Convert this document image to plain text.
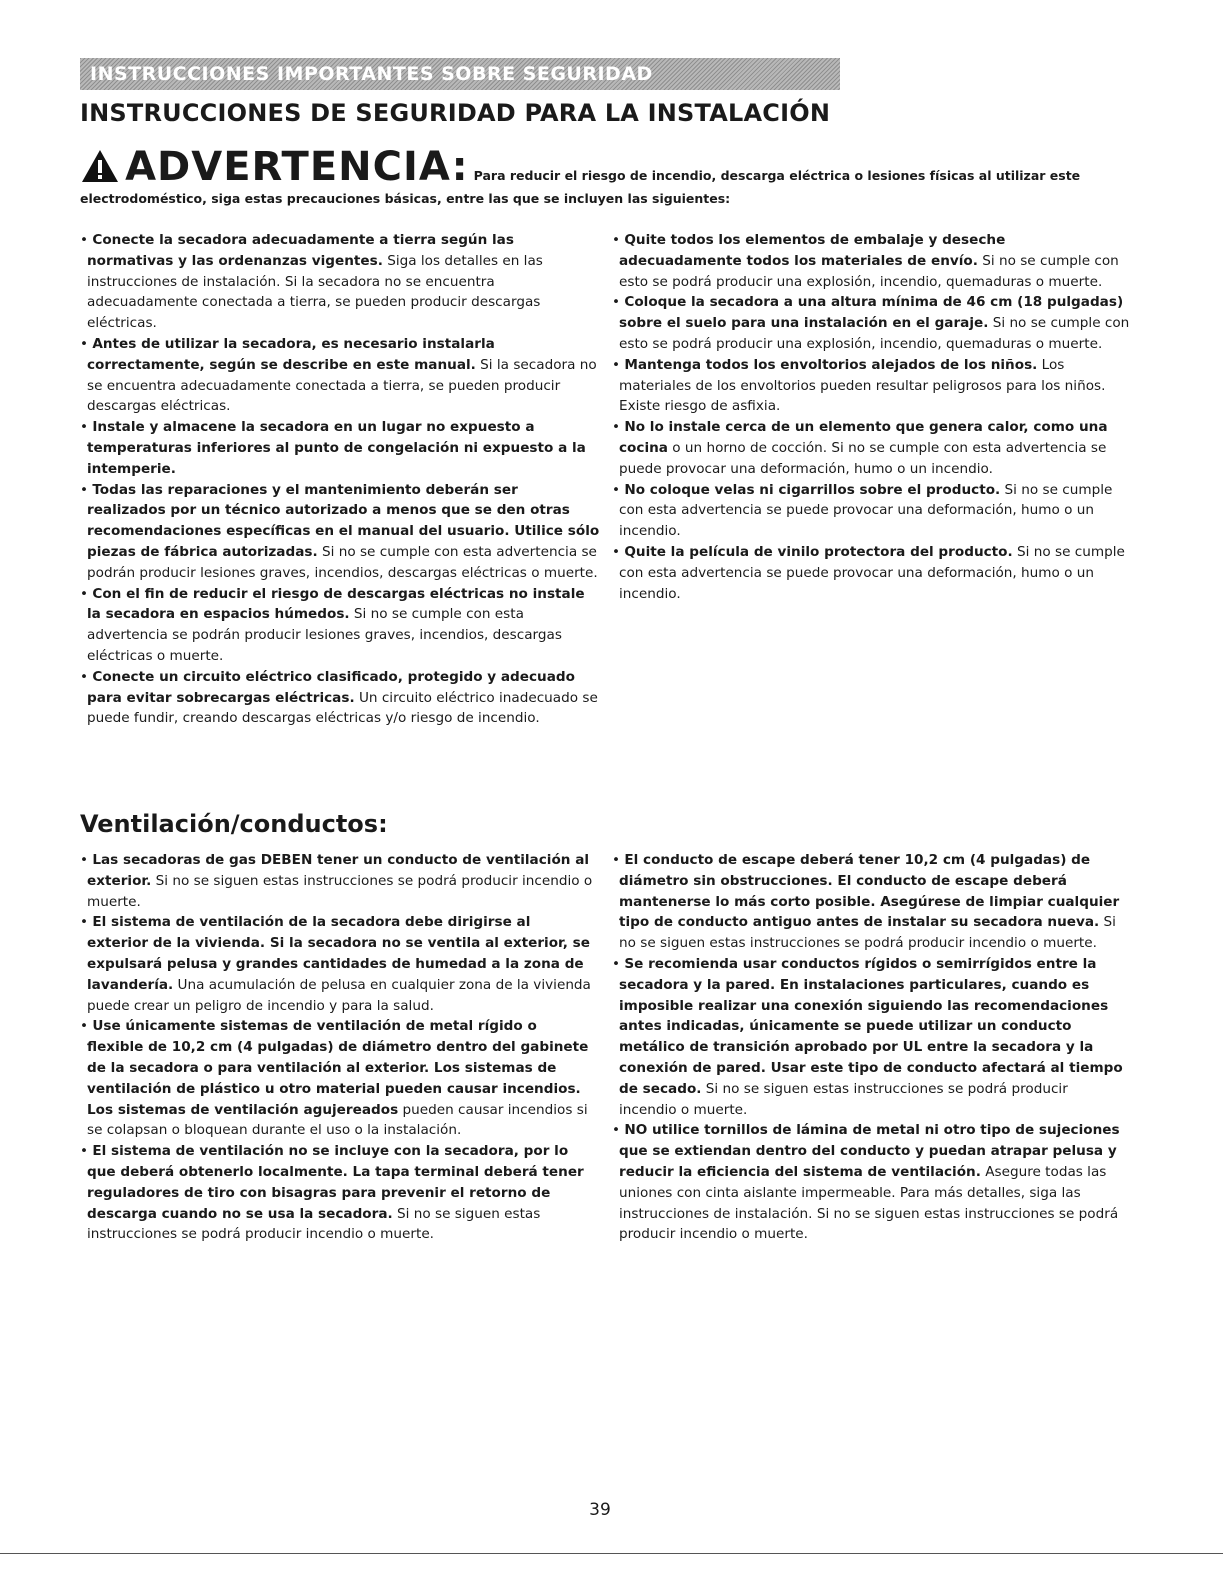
INSTRUCCIONES IMPORTANTES SOBRE SEGURIDAD
INSTRUCCIONES DE SEGURIDAD PARA LA INSTALACIÓN
ADVERTENCIA: Para reducir el riesgo de incendio, descarga eléctrica o lesiones físicas al utilizar este
electrodoméstico, siga estas precauciones básicas, entre las que se incluyen las siguientes:

• Conecte la secadora adecuadamente a tierra según las normativas y las ordenanzas vigentes. Siga los detalles en las instrucciones de instalación. Si la secadora no se encuentra adecuadamente conectada a tierra, se pueden producir descargas eléctricas.

• Antes de utilizar la secadora, es necesario instalarla correctamente, según se describe en este manual. Si la secadora no se encuentra adecuadamente conectada a tierra, se pueden producir descargas eléctricas.

• Instale y almacene la secadora en un lugar no expuesto a temperaturas inferiores al punto de congelación ni expuesto a la intemperie.

• Todas las reparaciones y el mantenimiento deberán ser realizados por un técnico autorizado a menos que se den otras recomendaciones específicas en el manual del usuario. Utilice sólo piezas de fábrica autorizadas. Si no se cumple con esta advertencia se podrán producir lesiones graves, incendios, descargas eléctricas o muerte.

• Con el fin de reducir el riesgo de descargas eléctricas no instale la secadora en espacios húmedos. Si no se cumple con esta advertencia se podrán producir lesiones graves, incendios, descargas eléctricas o muerte.

• Conecte un circuito eléctrico clasificado, protegido y adecuado para evitar sobrecargas eléctricas. Un circuito eléctrico inadecuado se puede fundir, creando descargas eléctricas y/o riesgo de incendio.

• Quite todos los elementos de embalaje y deseche adecuadamente todos los materiales de envío. Si no se cumple con esto se podrá producir una explosión, incendio, quemaduras o muerte.

• Coloque la secadora a una altura mínima de 46 cm (18 pulgadas) sobre el suelo para una instalación en el garaje. Si no se cumple con esto se podrá producir una explosión, incendio, quemaduras o muerte.

• Mantenga todos los envoltorios alejados de los niños. Los materiales de los envoltorios pueden resultar peligrosos para los niños. Existe riesgo de asfixia.

• No lo instale cerca de un elemento que genera calor, como una cocina o un horno de cocción. Si no se cumple con esta advertencia se puede provocar una deformación, humo o un incendio.

• No coloque velas ni cigarrillos sobre el producto. Si no se cumple con esta advertencia se puede provocar una deformación, humo o un incendio.

• Quite la película de vinilo protectora del producto. Si no se cumple con esta advertencia se puede provocar una deformación, humo o un incendio.

Ventilación/conductos:

• Las secadoras de gas DEBEN tener un conducto de ventilación al exterior. Si no se siguen estas instrucciones se podrá producir incendio o muerte.

• El sistema de ventilación de la secadora debe dirigirse al exterior de la vivienda. Si la secadora no se ventila al exterior, se expulsará pelusa y grandes cantidades de humedad a la zona de lavandería. Una acumulación de pelusa en cualquier zona de la vivienda puede crear un peligro de incendio y para la salud.

• Use únicamente sistemas de ventilación de metal rígido o flexible de 10,2 cm (4 pulgadas) de diámetro dentro del gabinete de la secadora o para ventilación al exterior. Los sistemas de ventilación de plástico u otro material pueden causar incendios. Los sistemas de ventilación agujereados pueden causar incendios si se colapsan o bloquean durante el uso o la instalación.

• El sistema de ventilación no se incluye con la secadora, por lo que deberá obtenerlo localmente. La tapa terminal deberá tener reguladores de tiro con bisagras para prevenir el retorno de descarga cuando no se usa la secadora. Si no se siguen estas instrucciones se podrá producir incendio o muerte.

• El conducto de escape deberá tener 10,2 cm (4 pulgadas) de diámetro sin obstrucciones. El conducto de escape deberá mantenerse lo más corto posible. Asegúrese de limpiar cualquier tipo de conducto antiguo antes de instalar su secadora nueva. Si no se siguen estas instrucciones se podrá producir incendio o muerte.

• Se recomienda usar conductos rígidos o semirrígidos entre la secadora y la pared. En instalaciones particulares, cuando es imposible realizar una conexión siguiendo las recomendaciones antes indicadas, únicamente se puede utilizar un conducto metálico de transición aprobado por UL entre la secadora y la conexión de pared. Usar este tipo de conducto afectará al tiempo de secado. Si no se siguen estas instrucciones se podrá producir incendio o muerte.

• NO utilice tornillos de lámina de metal ni otro tipo de sujeciones que se extiendan dentro del conducto y puedan atrapar pelusa y reducir la eficiencia del sistema de ventilación. Asegure todas las uniones con cinta aislante impermeable. Para más detalles, siga las instrucciones de instalación. Si no se siguen estas instrucciones se podrá producir incendio o muerte.

39
